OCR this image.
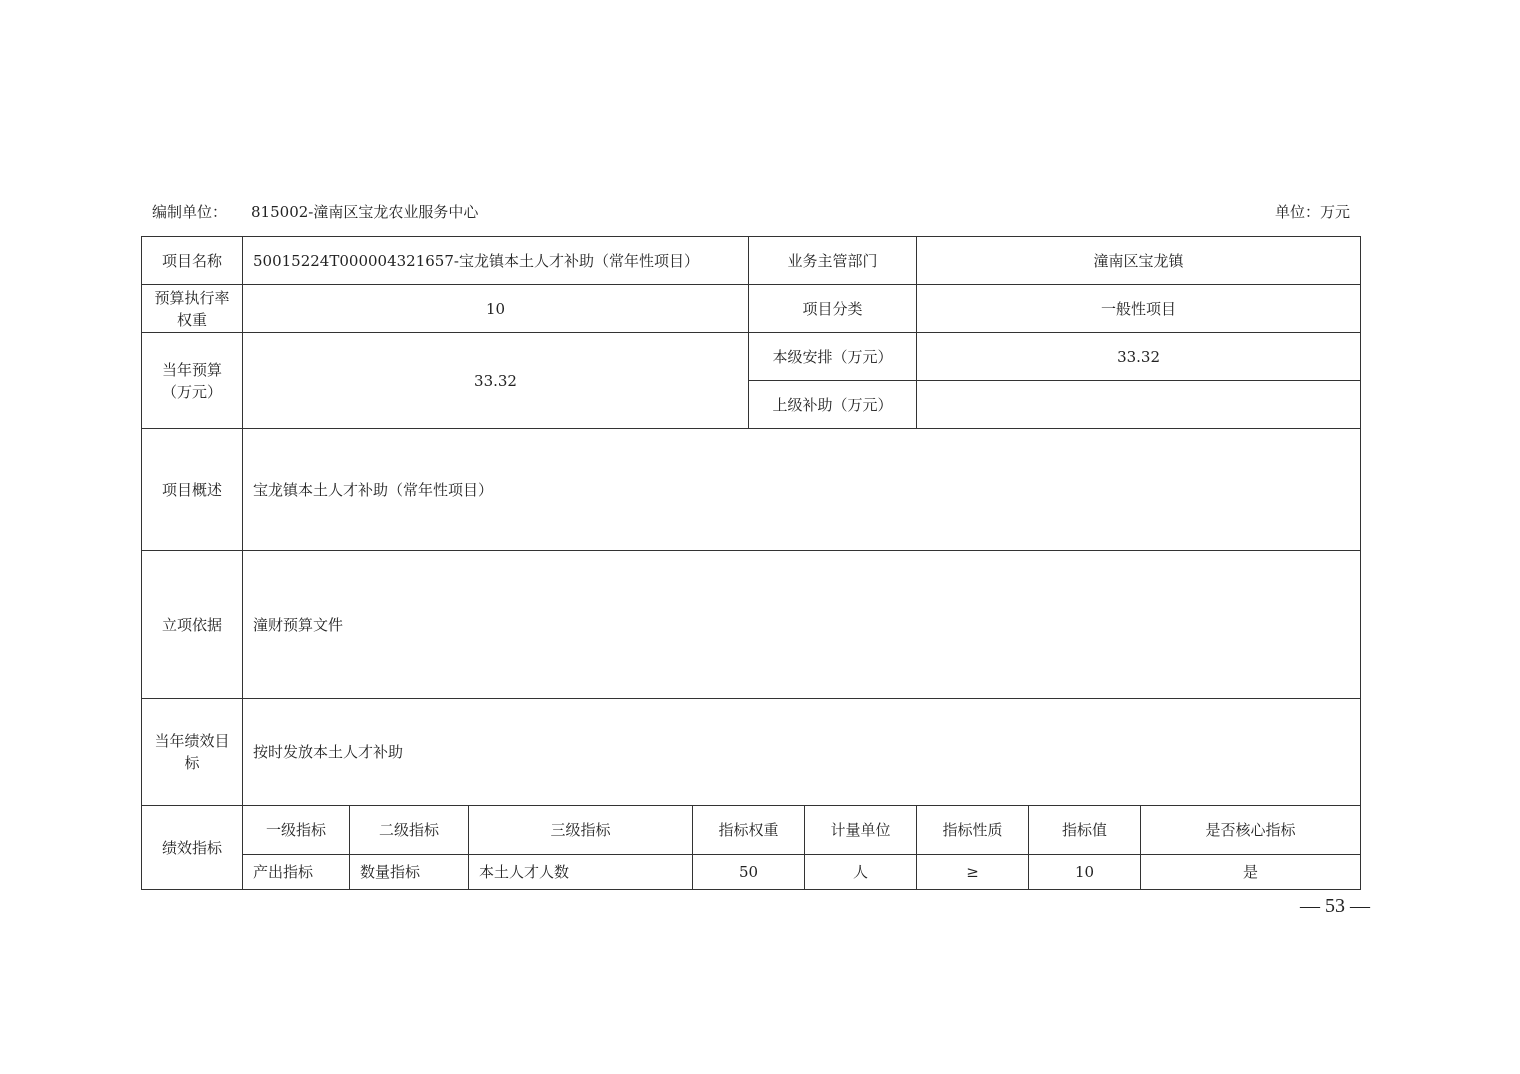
编制单位： 815002-潼南区宝龙农业服务中心	单位：万元
项目名称	50015224T000004321657-宝龙镇本土人才补助（常年性项目）				业务主管部门		潼南区宝龙镇		
预算执行率权重	10				项目分类		一般性项目		
当年预算（万元）	33.32				本级安排（万元）		33.32		
					上级补助（万元）				
项目概述	宝龙镇本土人才补助（常年性项目）								
立项依据	潼财预算文件								
当年绩效目标	按时发放本土人才补助								
绩效指标	一级指标	二级指标	三级指标	指标权重		计量单位	指标性质	指标值	是否核心指标
	产出指标	数量指标	本土人才人数	50		人	≥	10	是
— 53 —
